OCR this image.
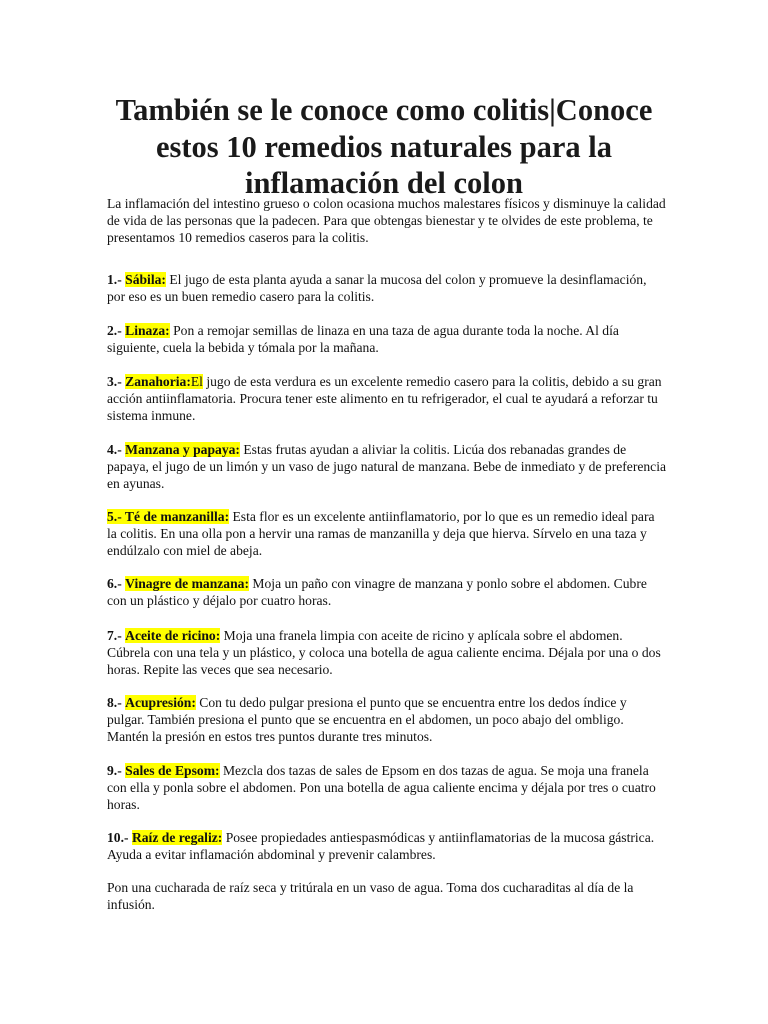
También se le conoce como colitis|Conoce estos 10 remedios naturales para la inflamación del colon

La inflamación del intestino grueso o colon ocasiona muchos malestares físicos y disminuye la calidad de vida de las personas que la padecen. Para que obtengas bienestar y te olvides de este problema, te presentamos 10 remedios caseros para la colitis.

1.- Sábila: El jugo de esta planta ayuda a sanar la mucosa del colon y promueve la desinflamación, por eso es un buen remedio casero para la colitis.

2.- Linaza: Pon a remojar semillas de linaza en una taza de agua durante toda la noche. Al día siguiente, cuela la bebida y tómala por la mañana.

3.- Zanahoria:El jugo de esta verdura es un excelente remedio casero para la colitis, debido a su gran acción antiinflamatoria. Procura tener este alimento en tu refrigerador, el cual te ayudará a reforzar tu sistema inmune.

4.- Manzana y papaya: Estas frutas ayudan a aliviar la colitis. Licúa dos rebanadas grandes de papaya, el jugo de un limón y un vaso de jugo natural de manzana. Bebe de inmediato y de preferencia en ayunas.

5.- Té de manzanilla: Esta flor es un excelente antiinflamatorio, por lo que es un remedio ideal para la colitis. En una olla pon a hervir una ramas de manzanilla y deja que hierva. Sírvelo en una taza y endúlzalo con miel de abeja.

6.- Vinagre de manzana: Moja un paño con vinagre de manzana y ponlo sobre el abdomen. Cubre con un plástico y déjalo por cuatro horas.

7.- Aceite de ricino: Moja una franela limpia con aceite de ricino y aplícala sobre el abdomen. Cúbrela con una tela y un plástico, y coloca una botella de agua caliente encima. Déjala por una o dos horas. Repite las veces que sea necesario.

8.- Acupresión: Con tu dedo pulgar presiona el punto que se encuentra entre los dedos índice y pulgar. También presiona el punto que se encuentra en el abdomen, un poco abajo del ombligo. Mantén la presión en estos tres puntos durante tres minutos.

9.- Sales de Epsom: Mezcla dos tazas de sales de Epsom en dos tazas de agua. Se moja una franela con ella y ponla sobre el abdomen. Pon una botella de agua caliente encima y déjala por tres o cuatro horas.

10.- Raíz de regaliz: Posee propiedades antiespasmódicas y antiinflamatorias de la mucosa gástrica. Ayuda a evitar inflamación abdominal y prevenir calambres.

Pon una cucharada de raíz seca y tritúrala en un vaso de agua. Toma dos cucharaditas al día de la infusión.
